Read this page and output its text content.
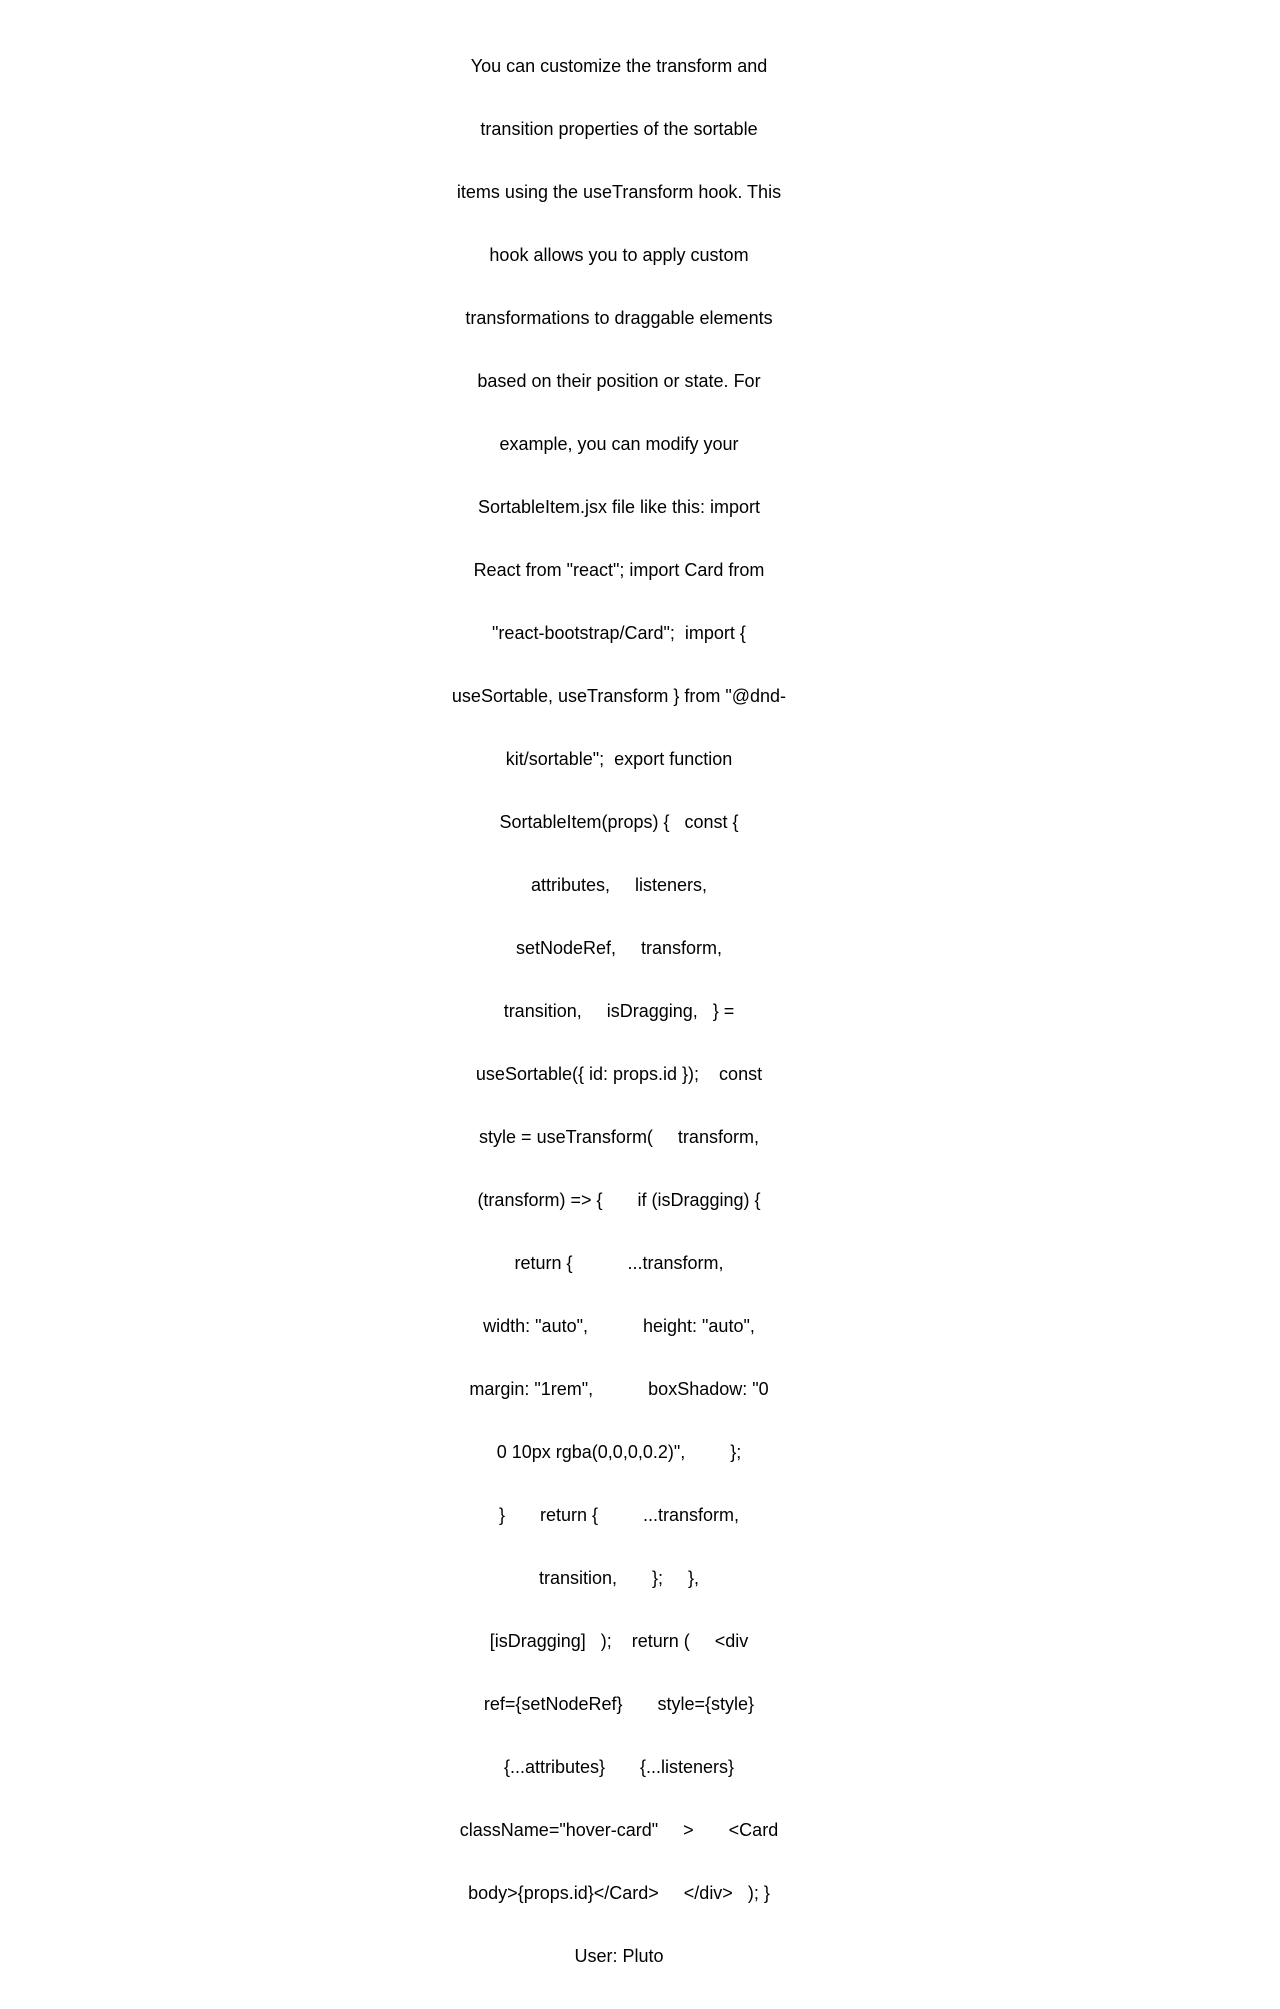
You can customize the transform and

transition properties of the sortable

items using the useTransform hook. This

hook allows you to apply custom

transformations to draggable elements

based on their position or state. For

example, you can modify your

SortableItem.jsx file like this: import

React from "react"; import Card from

"react-bootstrap/Card";  import {

useSortable, useTransform } from "@dnd-

kit/sortable";  export function

SortableItem(props) {   const {

attributes,     listeners,

setNodeRef,     transform,

transition,     isDragging,   } =

useSortable({ id: props.id });    const

style = useTransform(     transform,

(transform) => {       if (isDragging) {

return {           ...transform,

width: "auto",           height: "auto",

margin: "1rem",           boxShadow: "0

0 10px rgba(0,0,0,0.2)",         };

}       return {         ...transform,

transition,       };     },

[isDragging]   );    return (     <div

ref={setNodeRef}       style={style}

{...attributes}       {...listeners}

className="hover-card"     >       <Card

body>{props.id}</Card>     </div>   ); }

User: Pluto
